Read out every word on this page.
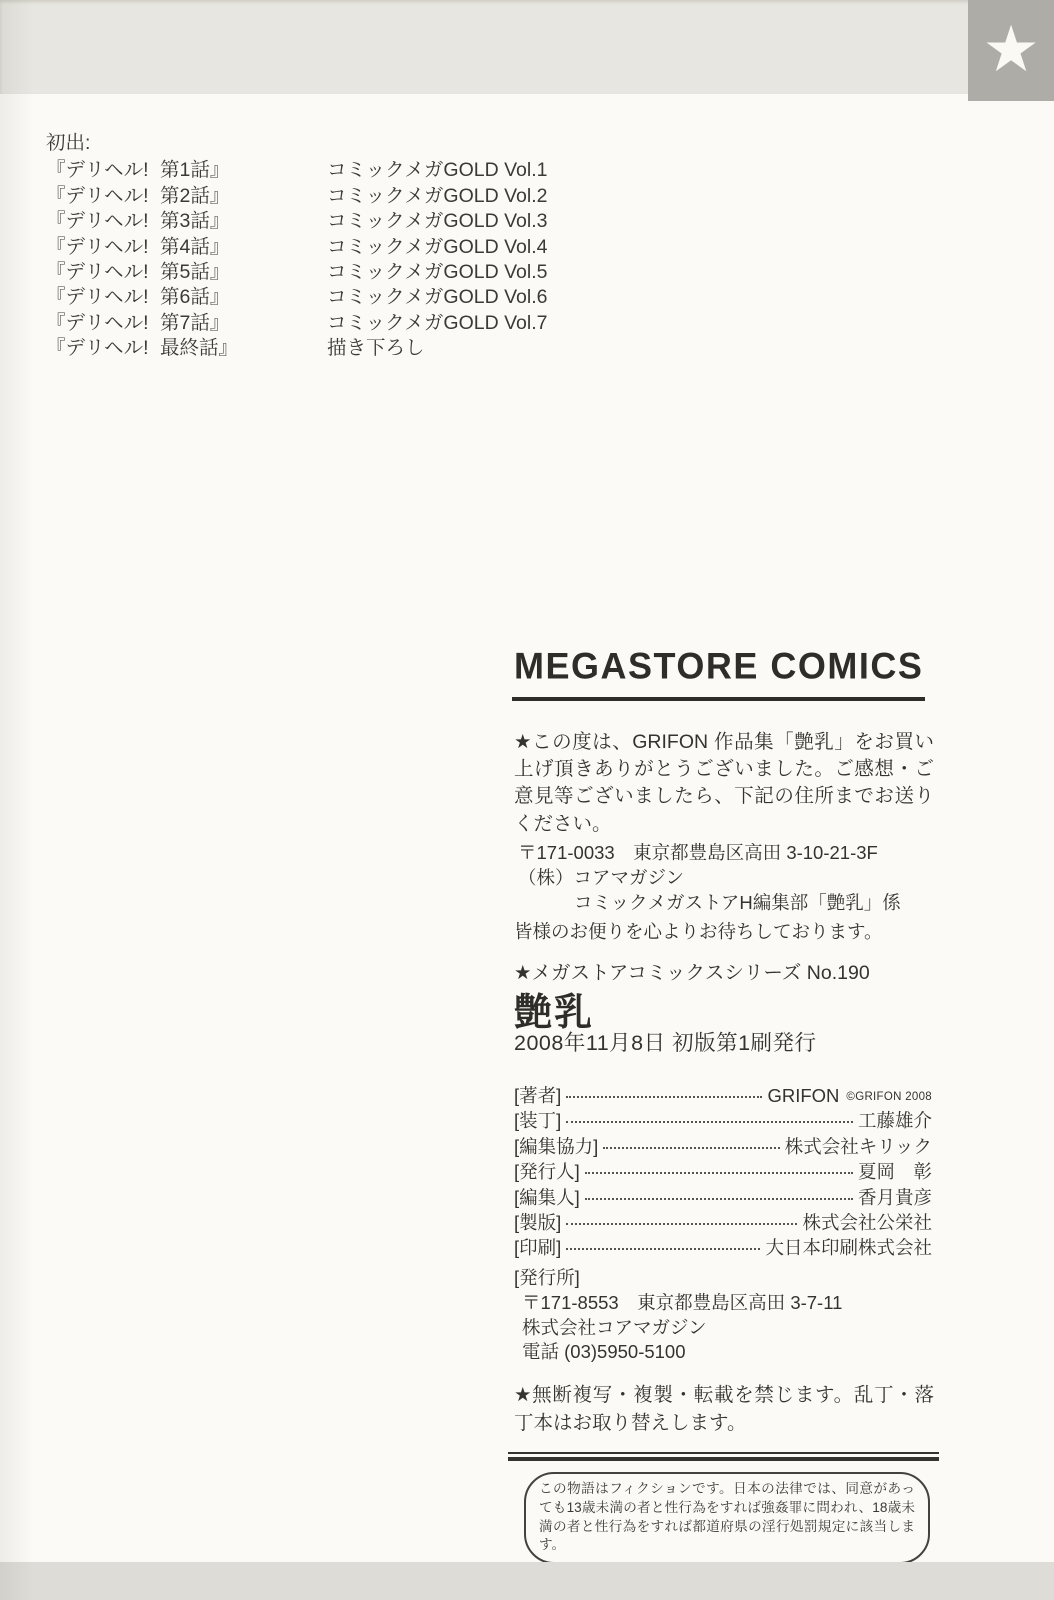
★
初出:
『デリヘル! 第1話』	コミックメガGOLD Vol.1
『デリヘル! 第2話』	コミックメガGOLD Vol.2
『デリヘル! 第3話』	コミックメガGOLD Vol.3
『デリヘル! 第4話』	コミックメガGOLD Vol.4
『デリヘル! 第5話』	コミックメガGOLD Vol.5
『デリヘル! 第6話』	コミックメガGOLD Vol.6
『デリヘル! 第7話』	コミックメガGOLD Vol.7
『デリヘル! 最終話』	描き下ろし
MEGASTORE COMICS

★この度は、GRIFON 作品集「艶乳」をお買い上げ頂きありがとうございました。ご感想・ご意見等ございましたら、下記の住所までお送りください。

〒171-0033　東京都豊島区高田 3-10-21-3F
（株）コアマガジン
コミックメガストアH編集部「艶乳」係
皆様のお便りを心よりお待ちしております。
★メガストアコミックスシリーズ No.190
艶乳
2008年11月8日 初版第1刷発行
[著者]	GRIFON ©GRIFON 2008
[装丁]	工藤雄介
[編集協力]	株式会社キリック
[発行人]	夏岡　彰
[編集人]	香月貴彦
[製版]	株式会社公栄社
[印刷]	大日本印刷株式会社
[発行所]
〒171-8553　東京都豊島区高田 3-7-11
株式会社コアマガジン
電話 (03)5950-5100

★無断複写・複製・転載を禁じます。乱丁・落丁本はお取り替えします。

この物語はフィクションです。日本の法律では、同意があっても13歳未満の者と性行為をすれば強姦罪に問われ、18歳未満の者と性行為をすれば都道府県の淫行処罰規定に該当します。
